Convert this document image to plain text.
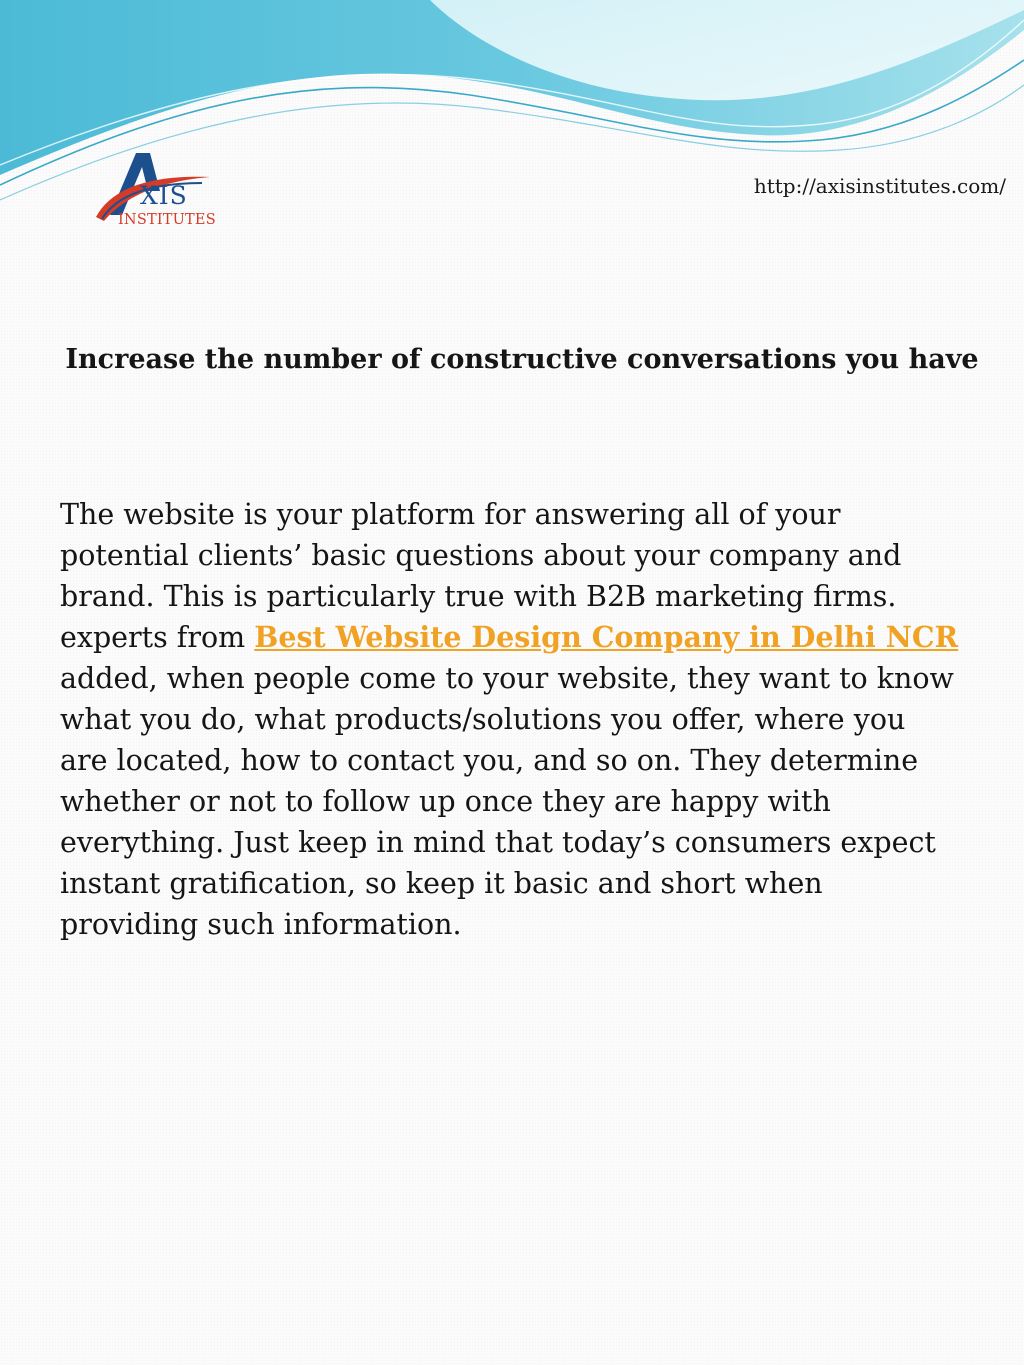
XIS
INSTITUTES
http://axisinstitutes.com/
Increase the number of constructive conversations you have

The website is your platform for answering all of your potential clients’ basic questions about your company and brand. This is particularly true with B2B marketing firms. experts from Best Website Design Company in Delhi NCR added, when people come to your website, they want to know what you do, what products/solutions you offer, where you are located, how to contact you, and so on. They determine whether or not to follow up once they are happy with everything. Just keep in mind that today’s consumers expect instant gratification, so keep it basic and short when providing such information.
